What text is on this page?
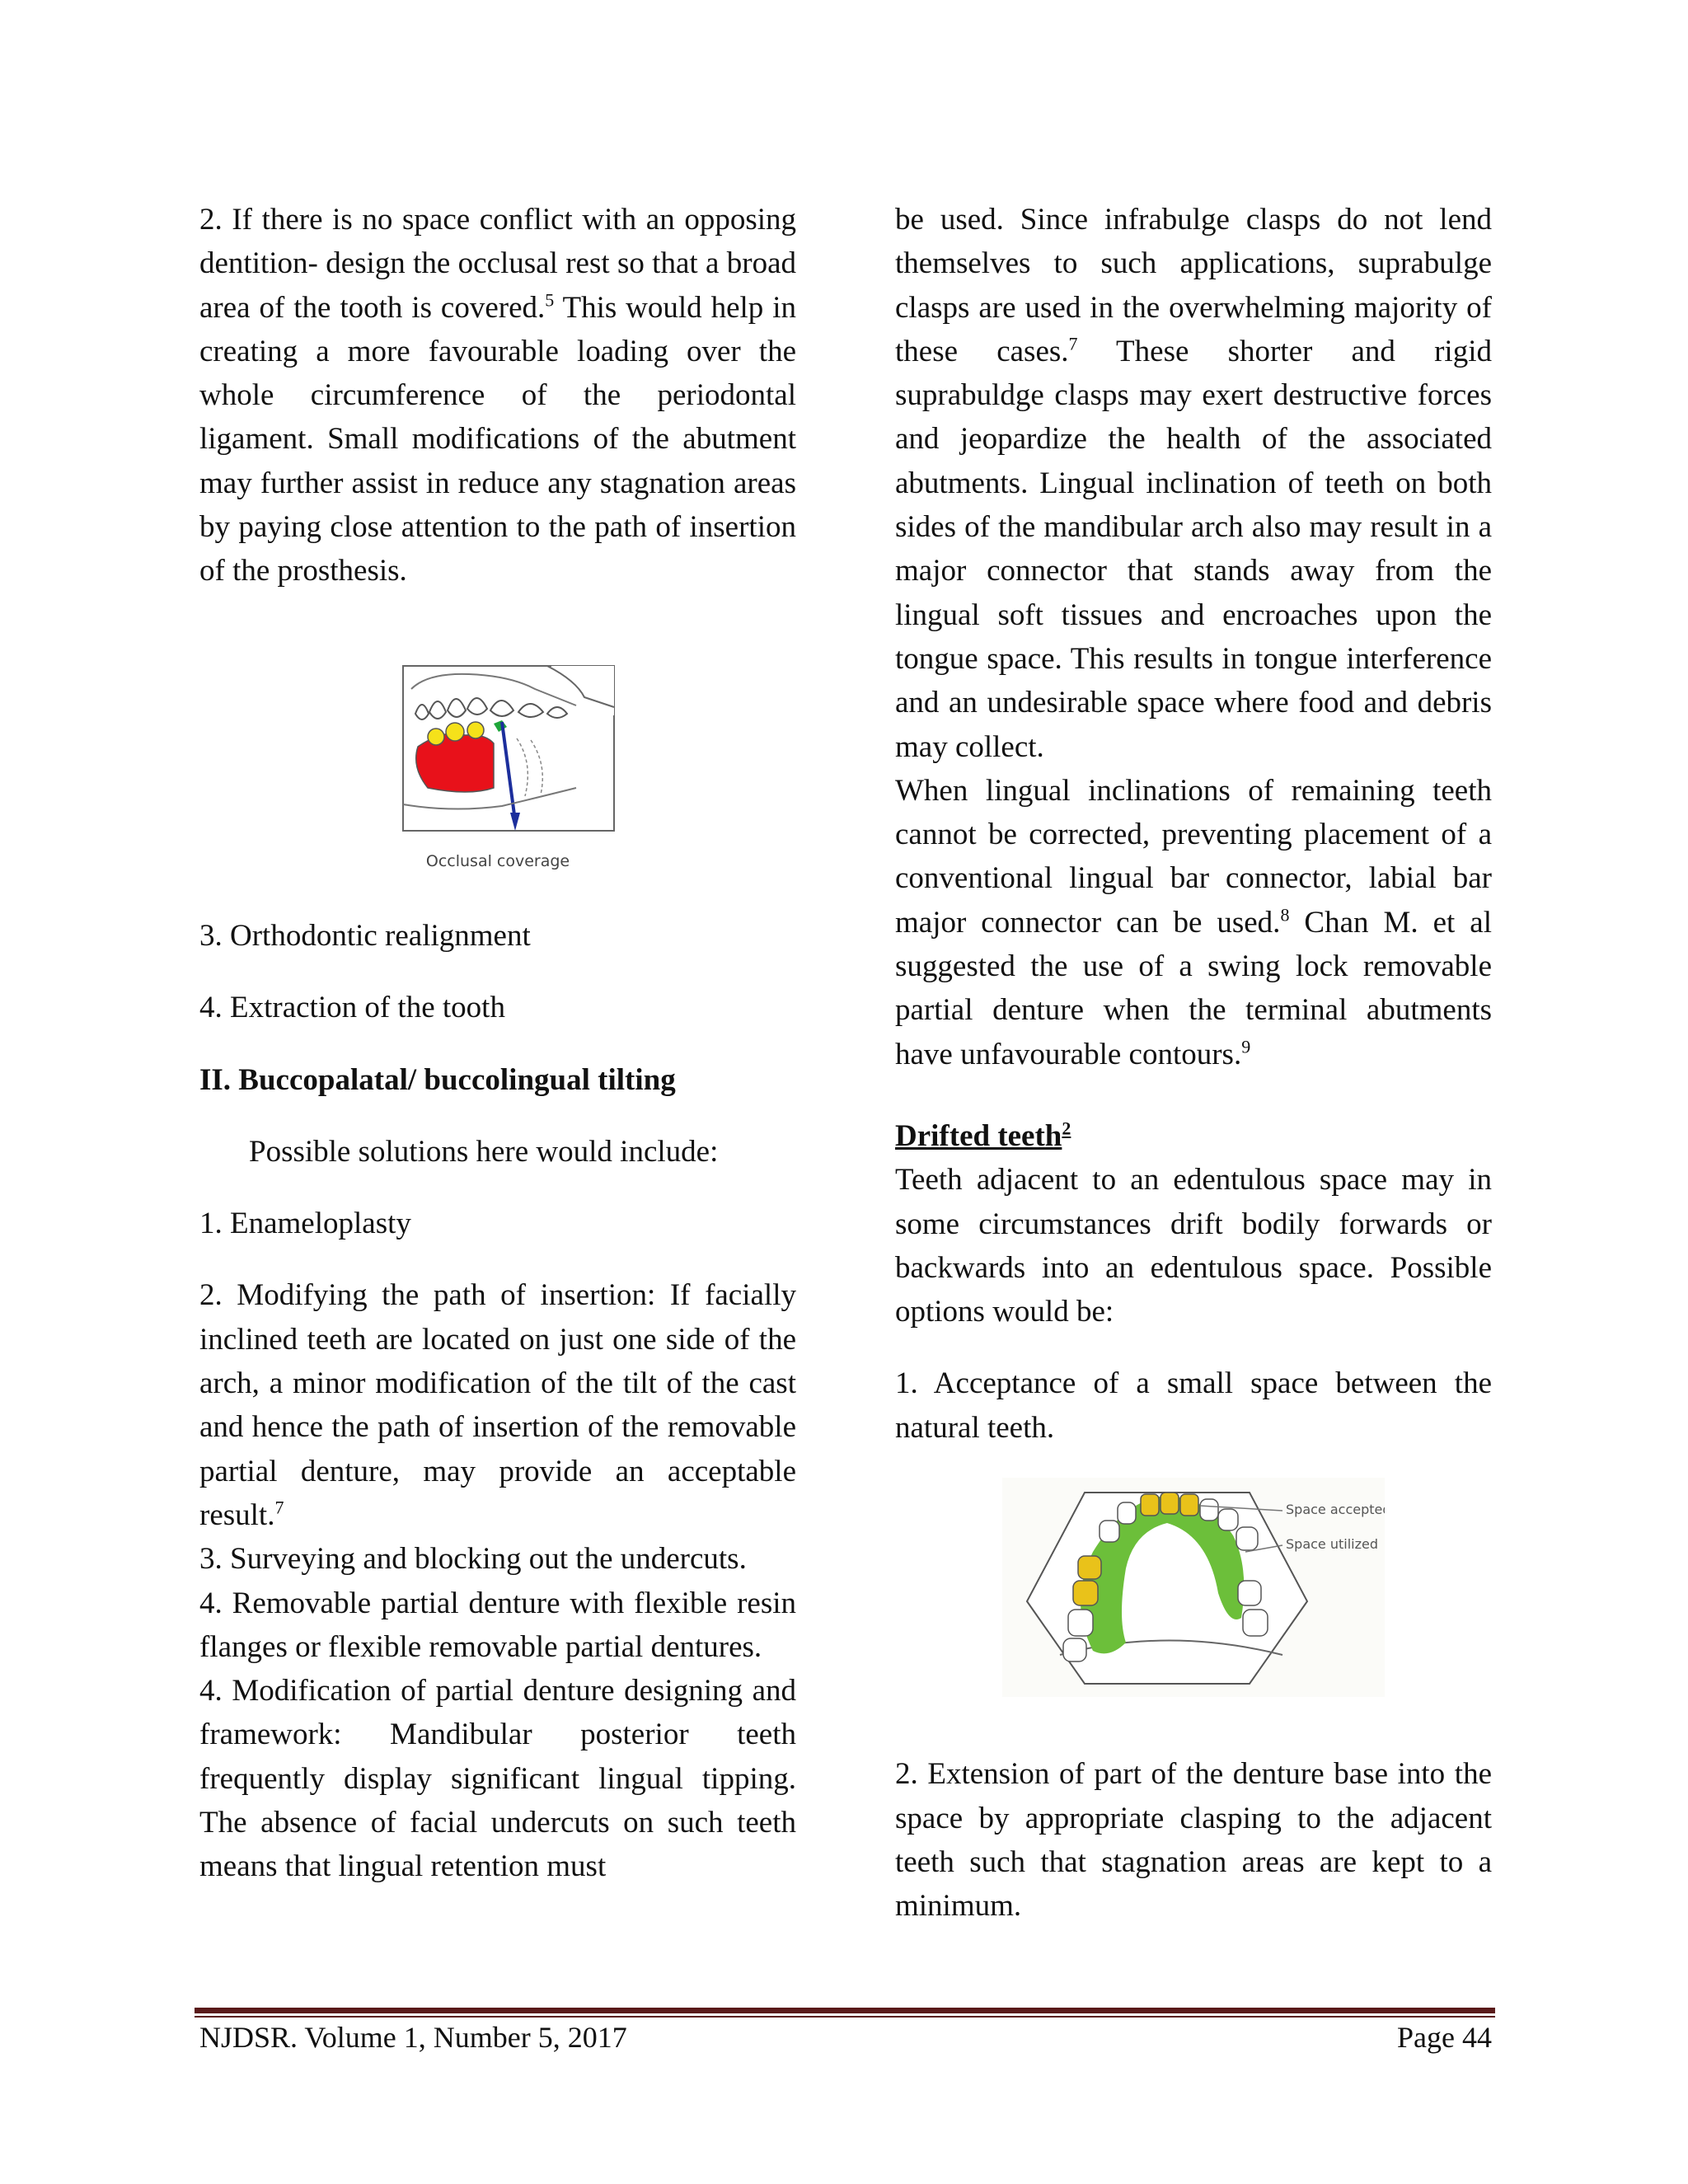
2. If there is no space conflict with an opposing dentition- design the occlusal rest so that a broad area of the tooth is covered.$^5$ This would help in creating a more favourable loading over the whole circumference of the periodontal ligament. Small modifications of the abutment may further assist in reduce any stagnation areas by paying close attention to the path of insertion of the prosthesis.

Occlusal coverage

3. Orthodontic realignment

4. Extraction of the tooth

II. Buccopalatal/ buccolingual tilting

Possible solutions here would include:

1. Enameloplasty

2. Modifying the path of insertion: If facially inclined teeth are located on just one side of the arch, a minor modification of the tilt of the cast and hence the path of insertion of the removable partial denture, may provide an acceptable result.$^7$

3. Surveying and blocking out the undercuts.

4. Removable partial denture with flexible resin flanges or flexible removable partial dentures.

4. Modification of partial denture designing and framework: Mandibular posterior teeth frequently display significant lingual tipping. The absence of facial undercuts on such teeth means that lingual retention must

be used. Since infrabulge clasps do not lend themselves to such applications, suprabulge clasps are used in the overwhelming majority of these cases.$^7$ These shorter and rigid suprabuldge clasps may exert destructive forces and jeopardize the health of the associated abutments. Lingual inclination of teeth on both sides of the mandibular arch also may result in a major connector that stands away from the lingual soft tissues and encroaches upon the tongue space. This results in tongue interference and an undesirable space where food and debris may collect.

When lingual inclinations of remaining teeth cannot be corrected, preventing placement of a conventional lingual bar connector, labial bar major connector can be used.$^8$ Chan M. et al suggested the use of a swing lock removable partial denture when the terminal abutments have unfavourable contours.$^9$

Drifted teeth$^2$

Teeth adjacent to an edentulous space may in some circumstances drift bodily forwards or backwards into an edentulous space. Possible options would be:

1. Acceptance of a small space between the natural teeth.

Space accepted
Space utilized

2. Extension of part of the denture base into the space by appropriate clasping to the adjacent teeth such that stagnation areas are kept to a minimum.

NJDSR. Volume 1, Number 5, 2017	Page 44
